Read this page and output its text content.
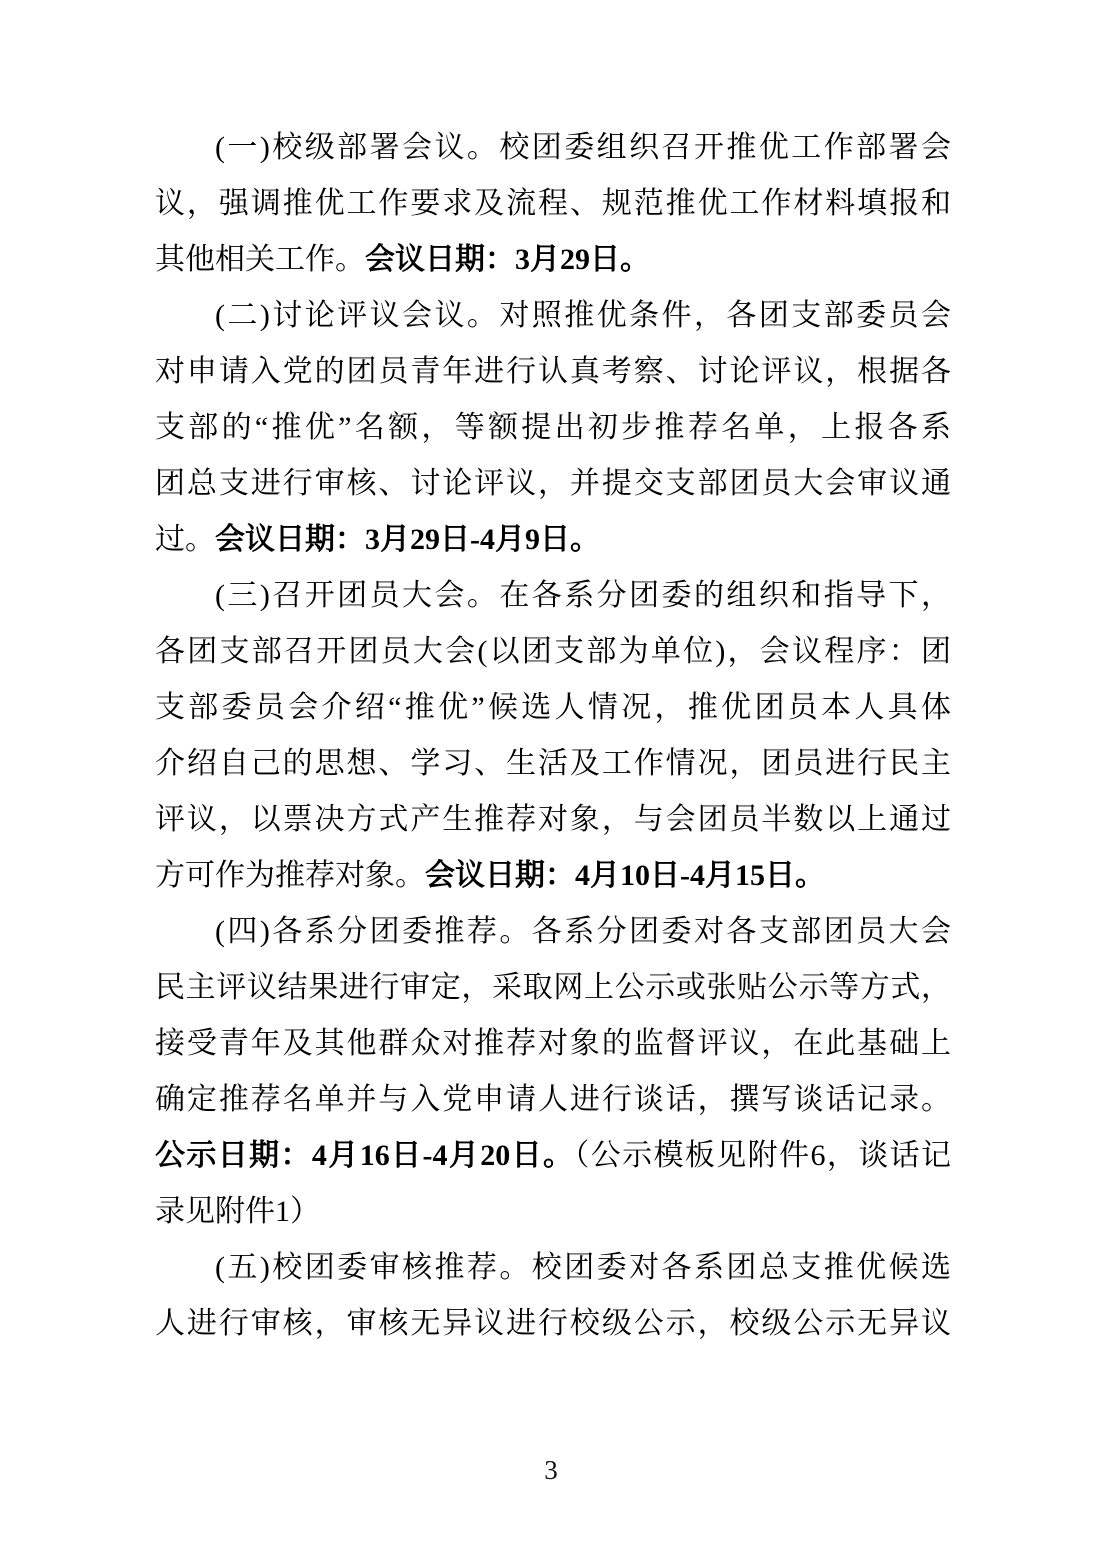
(一)校级部署会议。校团委组织召开推优工作部署会
议，强调推优工作要求及流程、规范推优工作材料填报和
其他相关工作。会议日期：3月29日。
(二)讨论评议会议。对照推优条件，各团支部委员会
对申请入党的团员青年进行认真考察、讨论评议，根据各
支部的“推优”名额，等额提出初步推荐名单，上报各系
团总支进行审核、讨论评议，并提交支部团员大会审议通
过。会议日期：3月29日-4月9日。
(三)召开团员大会。在各系分团委的组织和指导下，
各团支部召开团员大会(以团支部为单位)，会议程序：团
支部委员会介绍“推优”候选人情况，推优团员本人具体
介绍自己的思想、学习、生活及工作情况，团员进行民主
评议，以票决方式产生推荐对象，与会团员半数以上通过
方可作为推荐对象。会议日期：4月10日-4月15日。
(四)各系分团委推荐。各系分团委对各支部团员大会
民主评议结果进行审定，采取网上公示或张贴公示等方式，
接受青年及其他群众对推荐对象的监督评议，在此基础上
确定推荐名单并与入党申请人进行谈话，撰写谈话记录。
公示日期：4月16日-4月20日。（公示模板见附件6，谈话记
录见附件1）
(五)校团委审核推荐。校团委对各系团总支推优候选
人进行审核，审核无异议进行校级公示，校级公示无异议
3
